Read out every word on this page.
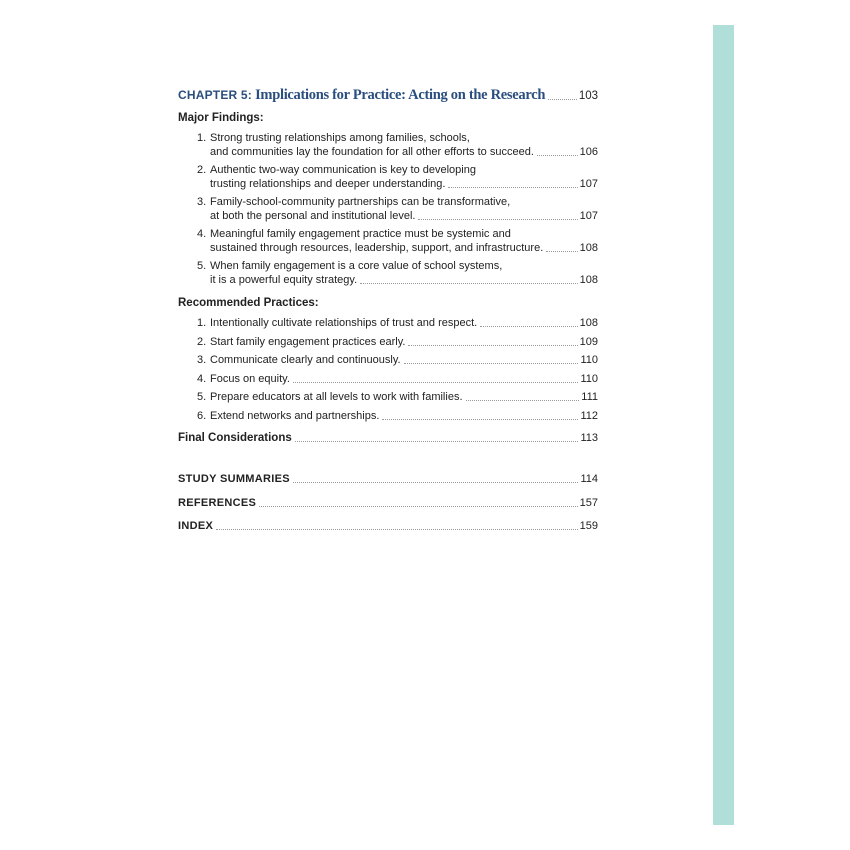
CHAPTER 5:
Implications for Practice: Acting on the Research	103
Major Findings:
1. Strong trusting relationships among families, schools,
and communities lay the foundation for all other efforts to succeed.	106
2. Authentic two-way communication is key to developing
trusting relationships and deeper understanding.	107
3. Family-school-community partnerships can be transformative,
at both the personal and institutional level.	107
4. Meaningful family engagement practice must be systemic and
sustained through resources, leadership, support, and infrastructure.	108
5. When family engagement is a core value of school systems,
it is a powerful equity strategy.	108
Recommended Practices:
1. Intentionally cultivate relationships of trust and respect.	108
2. Start family engagement practices early.	109
3. Communicate clearly and continuously.	110
4. Focus on equity.	110
5. Prepare educators at all levels to work with families.	111
6. Extend networks and partnerships.	112
Final Considerations	113
STUDY SUMMARIES	114
REFERENCES	157
INDEX	159
